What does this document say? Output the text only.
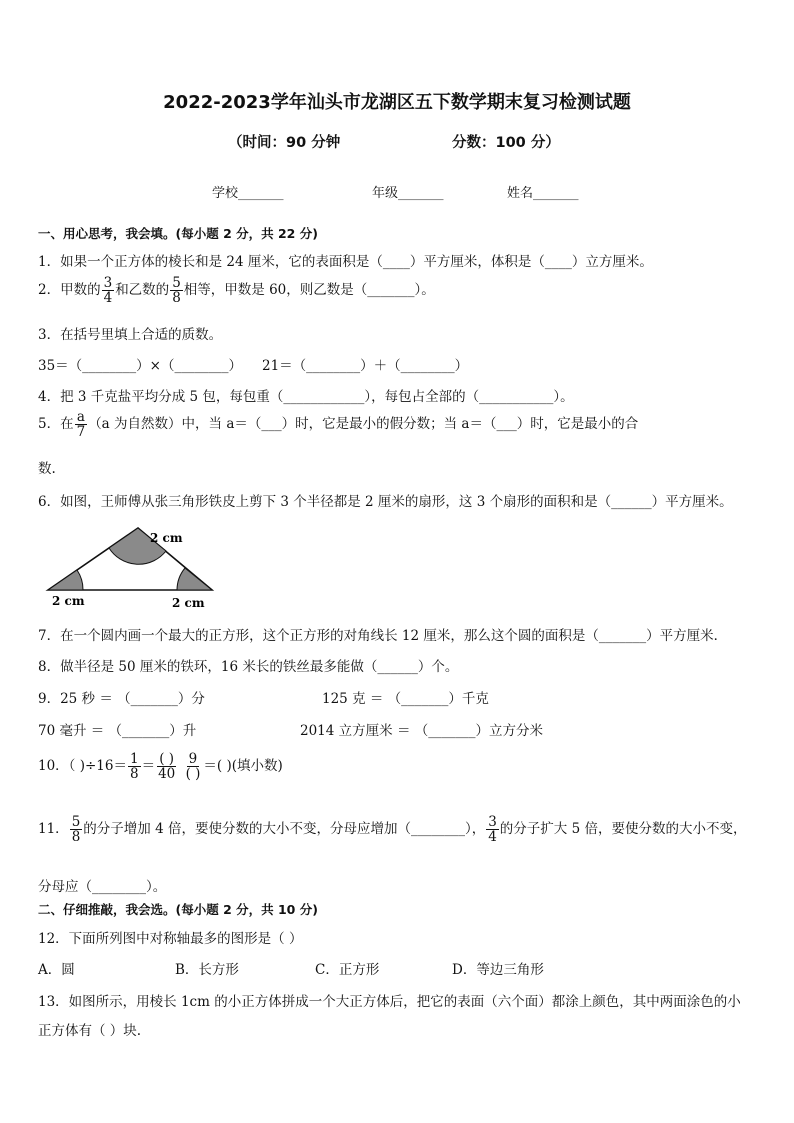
2022-2023学年汕头市龙湖区五下数学期末复习检测试题
（时间：90 分钟	分数：100 分）
学校_______	年级_______	姓名_______
一、用心思考，我会填。(每小题 2 分，共 22 分)
1．如果一个正方体的棱长和是 24 厘米，它的表面积是（____）平方厘米，体积是（____）立方厘米。
2．甲数的 $\frac{3}{4}$ 和乙数的 $\frac{5}{8}$ 相等，甲数是 60，则乙数是（_______）。
3．在括号里填上合适的质数。
35＝（________）×（________） 21＝（________）＋（________）
4．把 3 千克盐平均分成 5 包，每包重（____________），每包占全部的（___________）。
5．在 $\frac{a}{7} (a$ 为自然数）中，当 a＝（___）时，它是最小的假分数；当 a＝（___）时，它是最小的合
数.
6．如图，王师傅从张三角形铁皮上剪下 3 个半径都是 2 厘米的扇形，这 3 个扇形的面积和是（______）平方厘米。
2 cm
2 cm	2 cm
7．在一个圆内画一个最大的正方形，这个正方形的对角线长 12 厘米，那么这个圆的面积是（_______）平方厘米．
8．做半径是 50 厘米的铁环，16 米长的铁丝最多能做（______）个。
9．25 秒 ＝ （_______）分	125 克 ＝ （_______）千克
70 毫升 ＝ （_______）升	2014 立方厘米 ＝ （_______）立方分米
10．（ )$\div 16= \frac{1}{8} = \frac{( )}{40}$
$\frac{9}{( )}$ ＝( )(填小数)
11． $\frac{5}{8}$ 的分子增加 4 倍，要使分数的大小不变，分母应增加（________）， $\frac{3}{4}$ 的分子扩大 5 倍，要使分数的大小不变，
分母应（________）。
二、仔细推敲，我会选。(每小题 2 分，共 10 分)
12．下面所列图中对称轴最多的图形是（ ）
A．圆	B．长方形	C．正方形	D．等边三角形
13．如图所示，用棱长 1cm 的小正方体拼成一个大正方体后，把它的表面（六个面）都涂上颜色，其中两面涂色的小
正方体有（ ）块.
